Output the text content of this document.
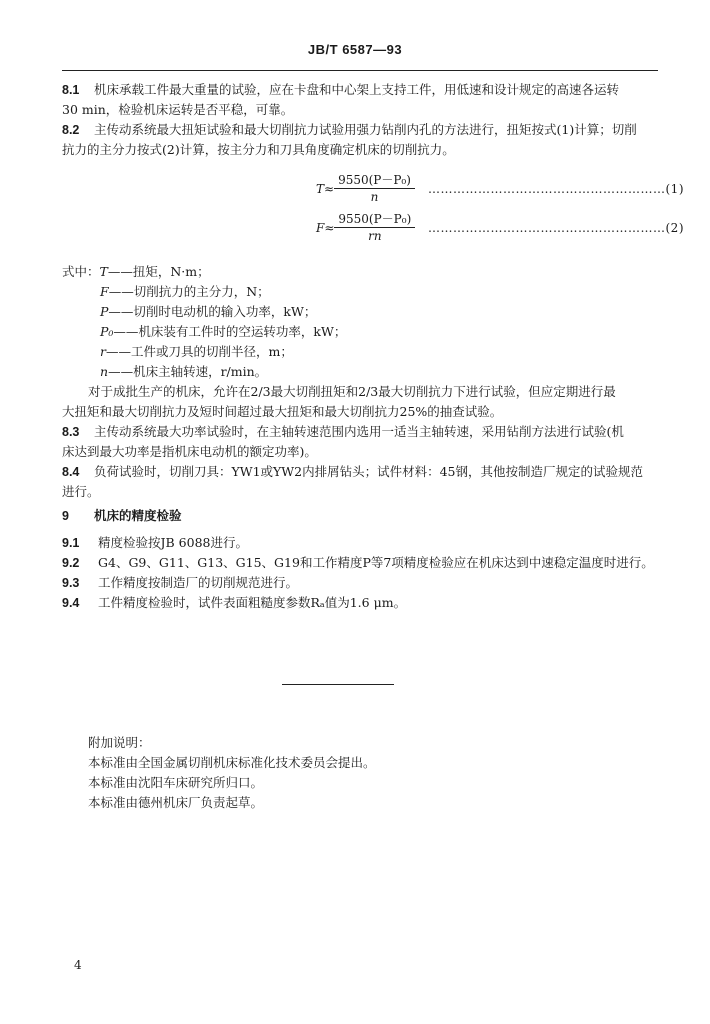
JB/T 6587—93
8.1 机床承载工件最大重量的试验，应在卡盘和中心架上支持工件，用低速和设计规定的高速各运转
30 min，检验机床运转是否平稳，可靠。
8.2 主传动系统最大扭矩试验和最大切削抗力试验用强力钻削内孔的方法进行，扭矩按式(1)计算；切削
抗力的主分力按式(2)计算，按主分力和刀具角度确定机床的切削抗力。
$T\approx \frac{\text{9550(P－P₀)}}{n}$ …………………………………………………(1)
$F\approx \frac{\text{9550(P－P₀)}}{rn}$ …………………………………………………(2)
式中：T——扭矩，N·m；
F——切削抗力的主分力，N；
P——切削时电动机的输入功率，kW；
P₀——机床装有工件时的空运转功率，kW；
r——工件或刀具的切削半径，m；
n——机床主轴转速，r/min。
对于成批生产的机床，允许在2/3最大切削扭矩和2/3最大切削抗力下进行试验，但应定期进行最
大扭矩和最大切削抗力及短时间超过最大扭矩和最大切削抗力25%的抽查试验。
8.3 主传动系统最大功率试验时，在主轴转速范围内选用一适当主轴转速，采用钻削方法进行试验(机
床达到最大功率是指机床电动机的额定功率)。
8.4 负荷试验时，切削刀具：YW1或YW2内排屑钻头；试件材料：45钢，其他按制造厂规定的试验规范
进行。
9 机床的精度检验
9.1 精度检验按JB 6088进行。
9.2 G4、G9、G11、G13、G15、G19和工作精度P等7项精度检验应在机床达到中速稳定温度时进行。
9.3 工作精度按制造厂的切削规范进行。
9.4 工件精度检验时，试件表面粗糙度参数Rₐ值为1.6 μm。
附加说明：
本标准由全国金属切削机床标准化技术委员会提出。
本标准由沈阳车床研究所归口。
本标准由德州机床厂负责起草。
4
